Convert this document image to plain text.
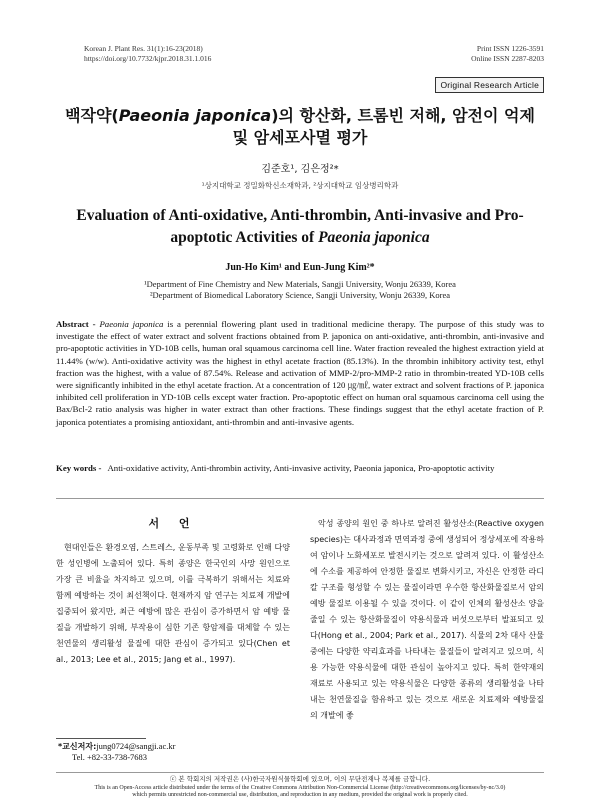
Korean J. Plant Res. 31(1):16-23(2018)
https://doi.org/10.7732/kjpr.2018.31.1.016
Print ISSN 1226-3591
Online ISSN 2287-8203
Original Research Article
백작약(Paeonia japonica)의 항산화, 트롬빈 저해, 암전이 억제 및 암세포사멸 평가
김준호¹, 김은정²*
¹상지대학교 정밀화학신소재학과, ²상지대학교 임상병리학과
Evaluation of Anti-oxidative, Anti-thrombin, Anti-invasive and Pro-apoptotic Activities of Paeonia japonica
Jun-Ho Kim¹ and Eun-Jung Kim²*
¹Department of Fine Chemistry and New Materials, Sangji University, Wonju 26339, Korea
²Department of Biomedical Laboratory Science, Sangji University, Wonju 26339, Korea
Abstract - Paeonia japonica is a perennial flowering plant used in traditional medicine therapy. The purpose of this study was to investigate the effect of water extract and solvent fractions obtained from P. japonica on anti-oxidative, anti-thrombin, anti-invasive and pro-apoptotic activities in YD-10B cells, human oral squamous carcinoma cell line. Water fraction revealed the highest extraction yield at 11.44% (w/w). Anti-oxidative activity was the highest in ethyl acetate fraction (85.13%). In the thrombin inhibitory activity test, ethyl fraction was the highest, with a value of 87.54%. Release and activation of MMP-2/pro-MMP-2 ratio in thrombin-treated YD-10B cells were significantly inhibited in the ethyl acetate fraction. At a concentration of 120 ㎍/㎖, water extract and solvent fractions of P. japonica inhibited cell proliferation in YD-10B cells except water fraction. Pro-apoptotic effect on human oral squamous carcinoma cell using the Bax/Bcl-2 ratio analysis was higher in water extract than other fractions. These findings suggest that the ethyl acetate fraction of P. japonica potentiates a promising antioxidant, anti-thrombin and anti-invasive agents.
Key words - Anti-oxidative activity, Anti-thrombin activity, Anti-invasive activity, Paeonia japonica, Pro-apoptotic activity
서 언

현대인들은 환경오염, 스트레스, 운동부족 및 고령화로 인해 다양한 성인병에 노출되어 있다. 특히 종양은 한국인의 사망 원인으로 가장 큰 비율을 차지하고 있으며, 이를 극복하기 위해서는 치료와 함께 예방하는 것이 최선책이다. 현재까지 암 연구는 치료제 개발에 집중되어 왔지만, 최근 예방에 많은 관심이 증가하면서 암 예방 물질을 개발하기 위해, 부작용이 심한 기존 항암제를 대체할 수 있는 천연물의 생리활성 물질에 대한 관심이 증가되고 있다(Chen et al., 2013; Lee et al., 2015; Jang et al., 1997).

악성 종양의 원인 중 하나로 알려진 활성산소(Reactive oxygen species)는 대사과정과 면역과정 중에 생성되어 정상세포에 작용하여 암이나 노화세포로 발전시키는 것으로 알려져 있다. 이 활성산소에 수소를 제공하여 안정한 물질로 변화시키고, 자신은 안정한 라디칼 구조를 형성할 수 있는 물질이라면 우수한 항산화물질로서 암의 예방 물질로 이용될 수 있을 것이다. 이 같이 인체의 활성산소 양을 줄일 수 있는 항산화물질이 약용식물과 버섯으로부터 발표되고 있다(Hong et al., 2004; Park et al., 2017). 식물의 2차 대사 산물 중에는 다양한 약리효과를 나타내는 물질들이 알려지고 있으며, 식용 가능한 약용식물에 대한 관심이 높아지고 있다. 특히 한약재의 재료로 사용되고 있는 약용식물은 다양한 종류의 생리활성을 나타내는 천연물질을 함유하고 있는 것으로 새로운 치료제와 예방물질의 개발에 좋

*교신저자:jung0724@sangji.ac.kr
Tel. +82-33-738-7683
ⓒ 본 학회지의 저작권은 (사)한국자원식물학회에 있으며, 이의 무단전재나 복제를 금합니다.
This is an Open-Access article distributed under the terms of the Creative Commons Attribution Non-Commercial License (http://creativecommons.org/licenses/by-nc/3.0)
which permits unrestricted non-commercial use, distribution, and reproduction in any medium, provided the original work is properly cited.
